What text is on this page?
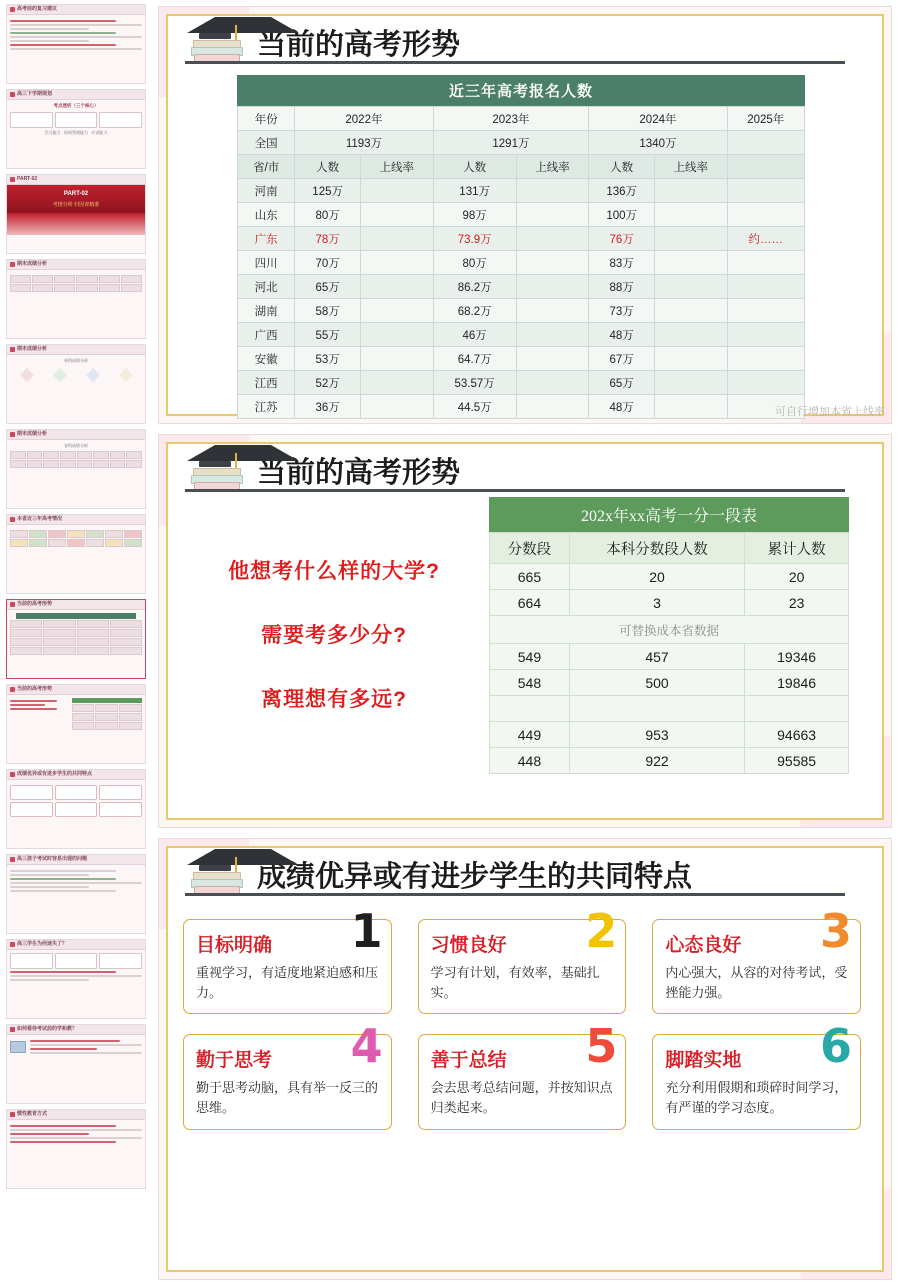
高考前的复习建议
高三下学期规划
考点透析（三个核心）
学习能力   时间管理能力   应试能力
PART-02
PART-02
考情分析 归因查精准
期末成绩分析
期末成绩分析
单科成绩分析
期末成绩分析
各科成绩分析
本省近三年高考情况
当前的高考形势
当前的高考形势
成绩优异或有进步学生的共同特点
高三孩子考试时容易出现的问题
高三学生为何迷失了？
如何看待考试前的学和教？
惯性教育方式
当前的高考形势
近三年高考报名人数
年份	2022年		2023年		2024年		2025年
全国	1193万		1291万		1340万		
省/市	人数	上线率	人数	上线率	人数	上线率	
河南	125万		131万		136万		
山东	80万		98万		100万		
广东	78万		73.9万		76万		约……
四川	70万		80万		83万		
河北	65万		86.2万		88万		
湖南	58万		68.2万		73万		
广西	55万		46万		48万		
安徽	53万		64.7万		67万		
江西	52万		53.57万		65万		
江苏	36万		44.5万		48万			可自行增加本省上线率
当前的高考形势
他想考什么样的大学?
需要考多少分?
离理想有多远?
202x年xx高考一分一段表
分数段	本科分数段人数	累计人数
665	20	20
664	3	23
可替换成本省数据		
549	457	19346
548	500	19846

449	953	94663
448	922	95585
成绩优异或有进步学生的共同特点
1
目标明确

重视学习，有适度地紧迫感和压力。

2
习惯良好

学习有计划，有效率，基础扎实。

3
心态良好

内心强大，从容的对待考试，受挫能力强。

4
勤于思考

勤于思考动脑，具有举一反三的思维。

5
善于总结

会去思考总结问题，并按知识点归类起来。

6
脚踏实地

充分利用假期和琐碎时间学习，有严谨的学习态度。
